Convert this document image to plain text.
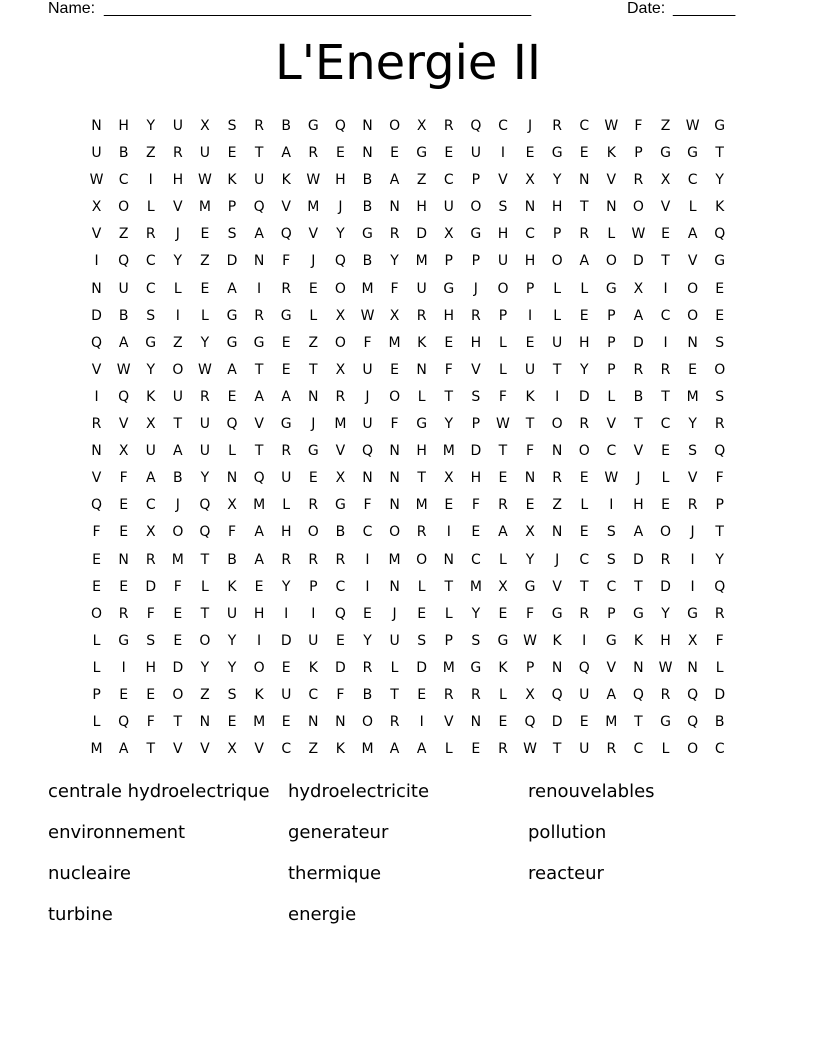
Name: ________________________________________________	Date: _______
L'Energie II
N	H	Y	U	X	S	R	B	G	Q	N	O	X	R	Q	C	J	R	C	W	F	Z	W	G
U	B	Z	R	U	E	T	A	R	E	N	E	G	E	U	I	E	G	E	K	P	G	G	T
W	C	I	H	W	K	U	K	W	H	B	A	Z	C	P	V	X	Y	N	V	R	X	C	Y
X	O	L	V	M	P	Q	V	M	J	B	N	H	U	O	S	N	H	T	N	O	V	L	K
V	Z	R	J	E	S	A	Q	V	Y	G	R	D	X	G	H	C	P	R	L	W	E	A	Q
I	Q	C	Y	Z	D	N	F	J	Q	B	Y	M	P	P	U	H	O	A	O	D	T	V	G
N	U	C	L	E	A	I	R	E	O	M	F	U	G	J	O	P	L	L	G	X	I	O	E
D	B	S	I	L	G	R	G	L	X	W	X	R	H	R	P	I	L	E	P	A	C	O	E
Q	A	G	Z	Y	G	G	E	Z	O	F	M	K	E	H	L	E	U	H	P	D	I	N	S
V	W	Y	O	W	A	T	E	T	X	U	E	N	F	V	L	U	T	Y	P	R	R	E	O
I	Q	K	U	R	E	A	A	N	R	J	O	L	T	S	F	K	I	D	L	B	T	M	S
R	V	X	T	U	Q	V	G	J	M	U	F	G	Y	P	W	T	O	R	V	T	C	Y	R
N	X	U	A	U	L	T	R	G	V	Q	N	H	M	D	T	F	N	O	C	V	E	S	Q
V	F	A	B	Y	N	Q	U	E	X	N	N	T	X	H	E	N	R	E	W	J	L	V	F
Q	E	C	J	Q	X	M	L	R	G	F	N	M	E	F	R	E	Z	L	I	H	E	R	P
F	E	X	O	Q	F	A	H	O	B	C	O	R	I	E	A	X	N	E	S	A	O	J	T
E	N	R	M	T	B	A	R	R	R	I	M	O	N	C	L	Y	J	C	S	D	R	I	Y
E	E	D	F	L	K	E	Y	P	C	I	N	L	T	M	X	G	V	T	C	T	D	I	Q
O	R	F	E	T	U	H	I	I	Q	E	J	E	L	Y	E	F	G	R	P	G	Y	G	R
L	G	S	E	O	Y	I	D	U	E	Y	U	S	P	S	G	W	K	I	G	K	H	X	F
L	I	H	D	Y	Y	O	E	K	D	R	L	D	M	G	K	P	N	Q	V	N	W	N	L
P	E	E	O	Z	S	K	U	C	F	B	T	E	R	R	L	X	Q	U	A	Q	R	Q	D
L	Q	F	T	N	E	M	E	N	N	O	R	I	V	N	E	Q	D	E	M	T	G	Q	B
M	A	T	V	V	X	V	C	Z	K	M	A	A	L	E	R	W	T	U	R	C	L	O	C
centrale hydroelectrique	hydroelectricite	renouvelables
environnement	generateur	pollution
nucleaire	thermique	reacteur
turbine	energie
